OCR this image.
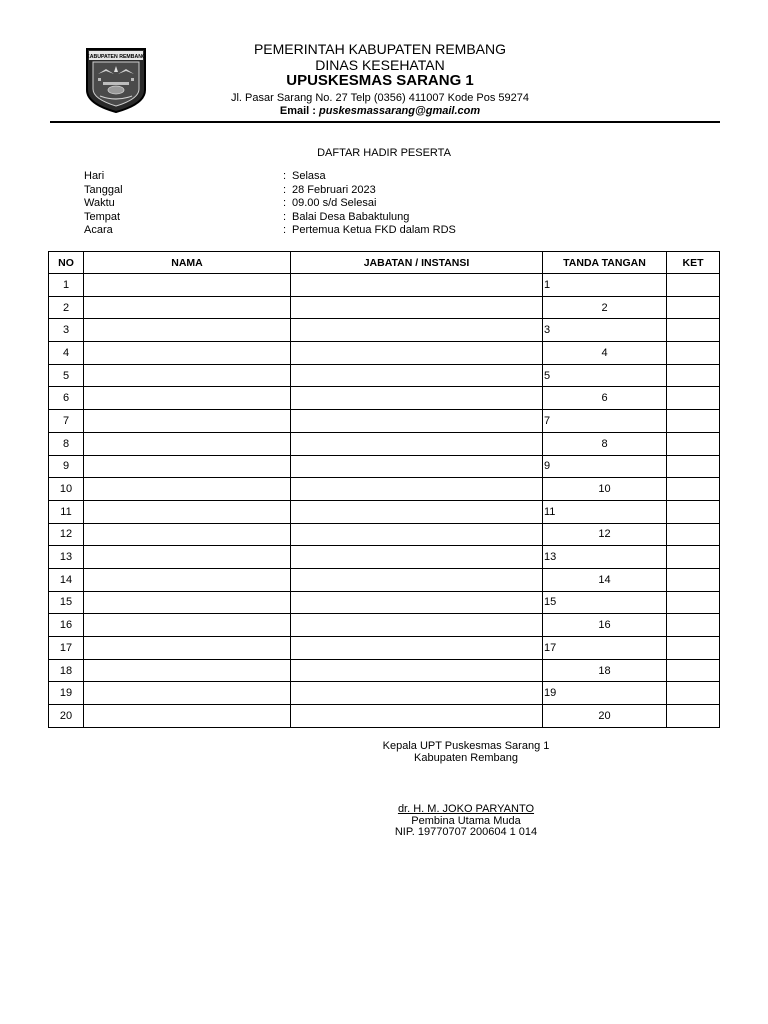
KABUPATEN REMBANG	PEMERINTAH KABUPATEN REMBANG
DINAS KESEHATAN
UPUSKESMAS SARANG 1
Jl. Pasar Sarang No. 27 Telp (0356) 411007 Kode Pos 59274
Email : puskesmassarang@gmail.com
DAFTAR HADIR PESERTA
Hari	: Selasa
Tanggal	: 28 Februari 2023
Waktu	: 09.00 s/d Selesai
Tempat	: Balai Desa Babaktulung
Acara	: Pertemua Ketua FKD dalam RDS
NO	NAMA	JABATAN / INSTANSI	TANDA TANGAN	KET
1			1	
2			2	
3			3	
4			4	
5			5	
6			6	
7			7	
8			8	
9			9	
10			10	
11			11	
12			12	
13			13	
14			14	
15			15	
16			16	
17			17	
18			18	
19			19	
20			20	
Kepala UPT Puskesmas Sarang 1
Kabupaten Rembang
dr. H. M. JOKO PARYANTO
Pembina Utama Muda
NIP. 19770707 200604 1 014
